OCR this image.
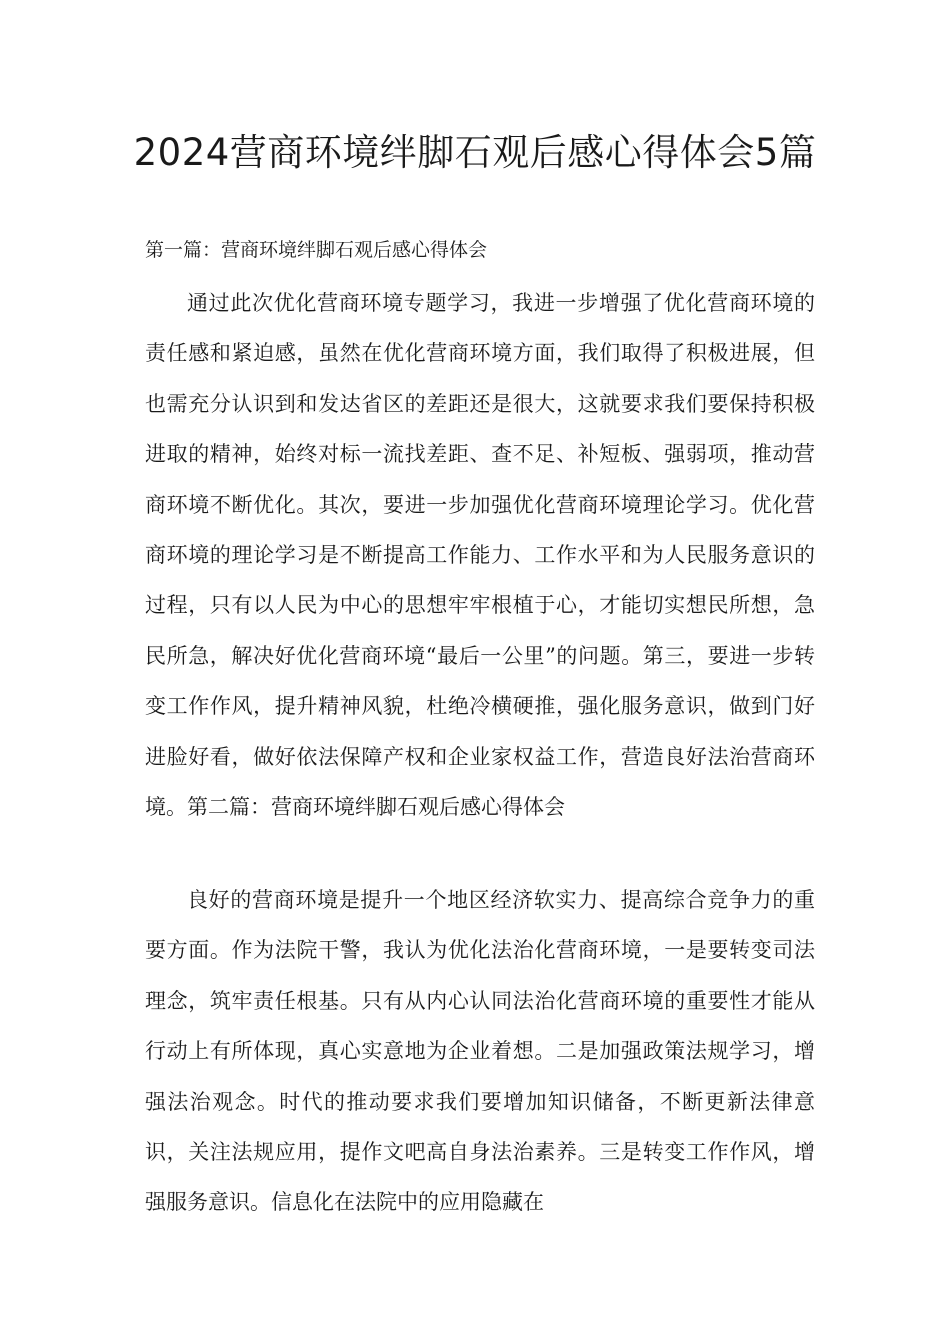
2024营商环境绊脚石观后感心得体会5篇
第一篇：营商环境绊脚石观后感心得体会

通过此次优化营商环境专题学习，我进一步增强了优化营商环境的责任感和紧迫感，虽然在优化营商环境方面，我们取得了积极进展，但也需充分认识到和发达省区的差距还是很大，这就要求我们要保持积极进取的精神，始终对标一流找差距、查不足、补短板、强弱项，推动营商环境不断优化。其次，要进一步加强优化营商环境理论学习。优化营商环境的理论学习是不断提高工作能力、工作水平和为人民服务意识的过程，只有以人民为中心的思想牢牢根植于心，才能切实想民所想，急民所急，解决好优化营商环境“最后一公里”的问题。第三，要进一步转变工作作风，提升精神风貌，杜绝冷横硬推，强化服务意识，做到门好进脸好看，做好依法保障产权和企业家权益工作，营造良好法治营商环境。第二篇：营商环境绊脚石观后感心得体会

良好的营商环境是提升一个地区经济软实力、提高综合竞争力的重要方面。作为法院干警，我认为优化法治化营商环境，一是要转变司法理念，筑牢责任根基。只有从内心认同法治化营商环境的重要性才能从行动上有所体现，真心实意地为企业着想。二是加强政策法规学习，增强法治观念。时代的推动要求我们要增加知识储备，不断更新法律意识，关注法规应用，提作文吧高自身法治素养。三是转变工作作风，增强服务意识。信息化在法院中的应用隐藏在
